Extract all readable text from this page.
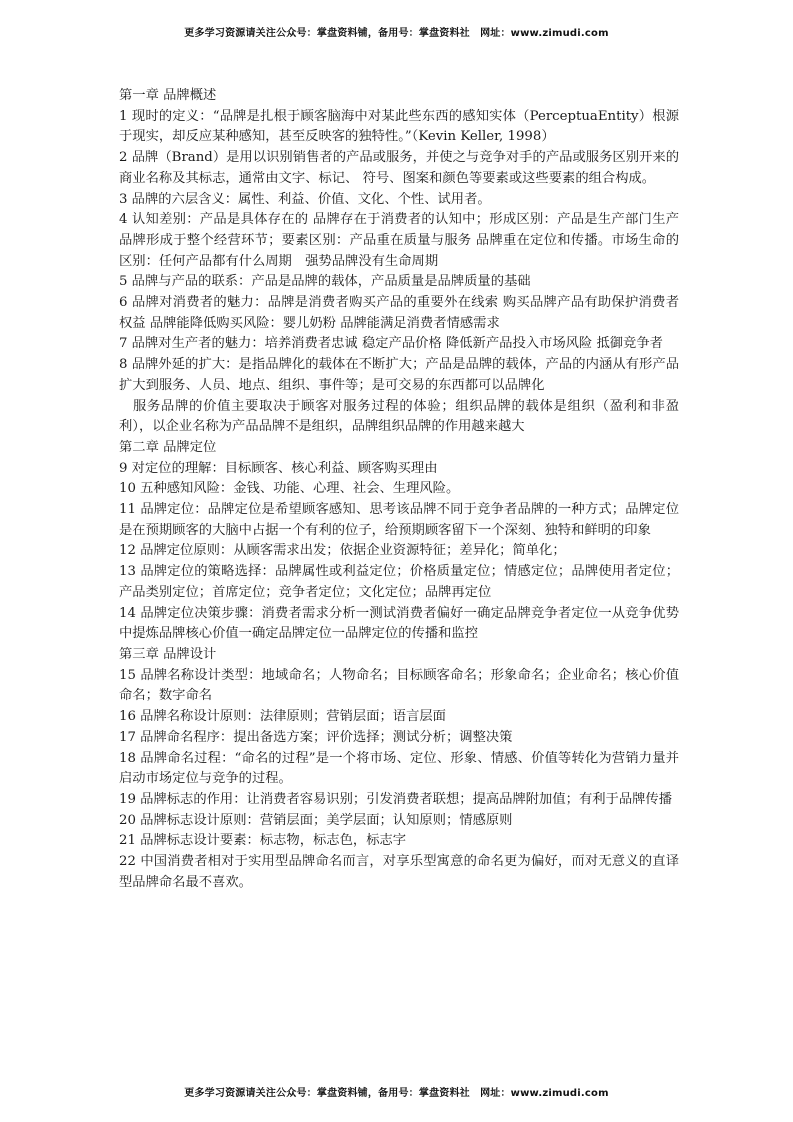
更多学习资源请关注公众号：掌盘资料铺，备用号：掌盘资料社　网址：www.zimudi.com

第一章 品牌概述

1 现时的定义：“品牌是扎根于顾客脑海中对某此些东西的感知实体（PerceptuaEntity）根源于现实，却反应某种感知，甚至反映客的独特性。”（Kevin Keller, 1998）

2 品牌（Brand）是用以识别销售者的产品或服务，并使之与竞争对手的产品或服务区别开来的商业名称及其标志，通常由文字、标记、 符号、图案和颜色等要素或这些要素的组合构成。

3 品牌的六层含义：属性、利益、价值、文化、个性、试用者。

4 认知差别：产品是具体存在的 品牌存在于消费者的认知中；形成区别：产品是生产部门生产 品牌形成于整个经营环节；要素区别：产品重在质量与服务 品牌重在定位和传播。市场生命的区别：任何产品都有什么周期　强势品牌没有生命周期

5 品牌与产品的联系：产品是品牌的载体，产品质量是品牌质量的基础

6 品牌对消费者的魅力：品牌是消费者购买产品的重要外在线索 购买品牌产品有助保护消费者权益 品牌能降低购买风险：婴儿奶粉 品牌能满足消费者情感需求

7 品牌对生产者的魅力：培养消费者忠诚 稳定产品价格 降低新产品投入市场风险 抵御竞争者

8 品牌外延的扩大：是指品牌化的载体在不断扩大；产品是品牌的载体，产品的内涵从有形产品扩大到服务、人员、地点、组织、事件等；是可交易的东西都可以品牌化

　服务品牌的价值主要取决于顾客对服务过程的体验；组织品牌的载体是组织（盈利和非盈利），以企业名称为产品品牌不是组织，品牌组织品牌的作用越来越大

第二章 品牌定位

9 对定位的理解：目标顾客、核心利益、顾客购买理由

10 五种感知风险：金钱、功能、心理、社会、生理风险。

11 品牌定位：品牌定位是希望顾客感知、思考该品牌不同于竞争者品牌的一种方式；品牌定位是在预期顾客的大脑中占据一个有利的位子，给预期顾客留下一个深刻、独特和鲜明的印象

12 品牌定位原则：从顾客需求出发；依据企业资源特征；差异化；简单化；

13 品牌定位的策略选择：品牌属性或利益定位；价格质量定位；情感定位；品牌使用者定位；产品类别定位；首席定位；竞争者定位；文化定位；品牌再定位

14 品牌定位决策步骤：消费者需求分析一测试消费者偏好一确定品牌竞争者定位一从竞争优势中提炼品牌核心价值一确定品牌定位一品牌定位的传播和监控

第三章 品牌设计

15 品牌名称设计类型：地域命名；人物命名；目标顾客命名；形象命名；企业命名；核心价值命名；数字命名

16 品牌名称设计原则：法律原则；营销层面；语言层面

17 品牌命名程序：提出备选方案；评价选择；测试分析；调整决策

18 品牌命名过程：“命名的过程”是一个将市场、定位、形象、情感、价值等转化为营销力量并启动市场定位与竞争的过程。

19 品牌标志的作用：让消费者容易识别；引发消费者联想；提高品牌附加值；有利于品牌传播

20 品牌标志设计原则：营销层面；美学层面；认知原则；情感原则

21 品牌标志设计要素：标志物，标志色，标志字

22 中国消费者相对于实用型品牌命名而言，对享乐型寓意的命名更为偏好，而对无意义的直译型品牌命名最不喜欢。

更多学习资源请关注公众号：掌盘资料铺，备用号：掌盘资料社　网址：www.zimudi.com
